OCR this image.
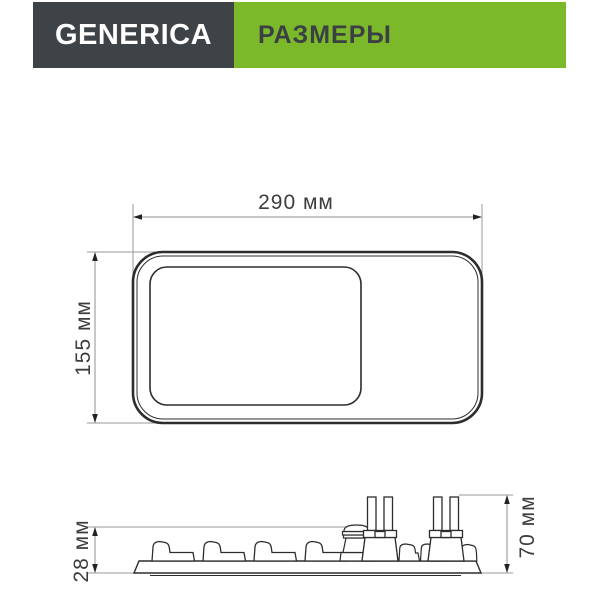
GENERICA РАЗМЕРЫ
290 мм
155 мм
28 мм	70 мм
